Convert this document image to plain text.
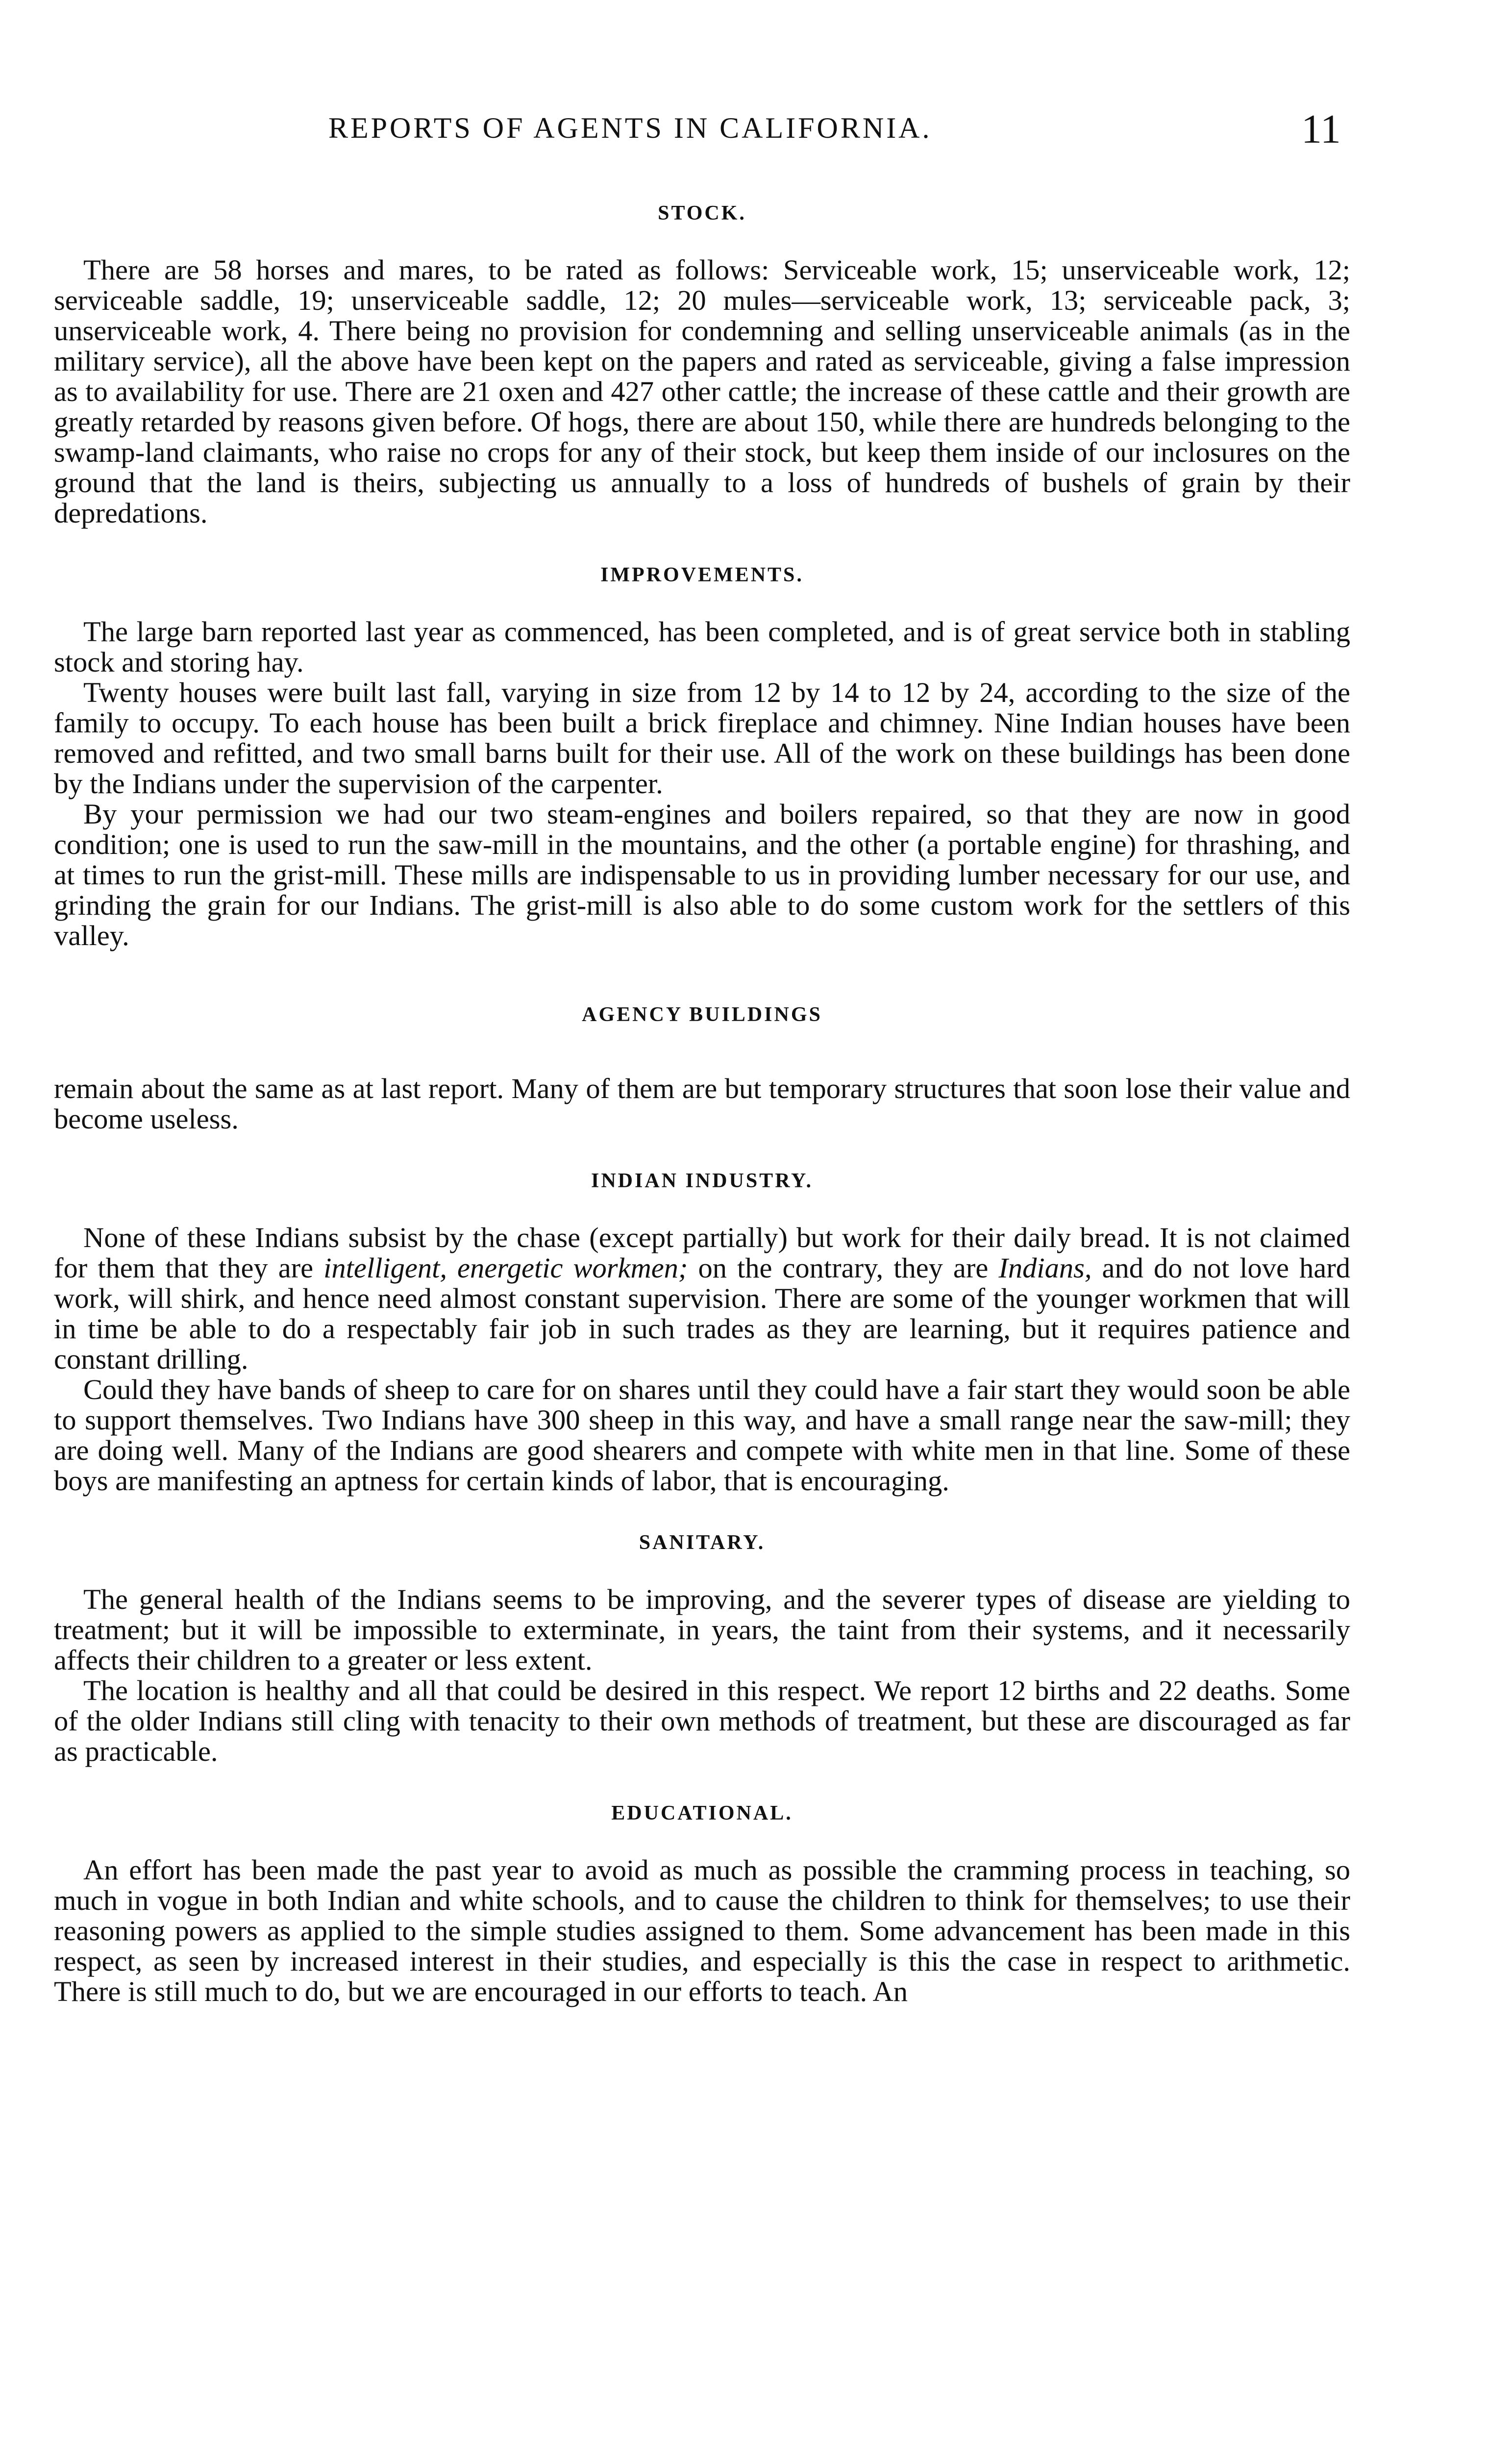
REPORTS OF AGENTS IN CALIFORNIA.	11
STOCK.

There are 58 horses and mares, to be rated as follows: Serviceable work, 15; unserviceable work, 12; serviceable saddle, 19; unserviceable saddle, 12; 20 mules—serviceable work, 13; serviceable pack, 3; unserviceable work, 4. There being no provision for condemning and selling unserviceable animals (as in the military service), all the above have been kept on the papers and rated as serviceable, giving a false impression as to availability for use. There are 21 oxen and 427 other cattle; the increase of these cattle and their growth are greatly retarded by reasons given before. Of hogs, there are about 150, while there are hundreds belonging to the swamp-land claimants, who raise no crops for any of their stock, but keep them inside of our inclosures on the ground that the land is theirs, subjecting us annually to a loss of hundreds of bushels of grain by their depredations.

IMPROVEMENTS.

The large barn reported last year as commenced, has been completed, and is of great service both in stabling stock and storing hay.

Twenty houses were built last fall, varying in size from 12 by 14 to 12 by 24, according to the size of the family to occupy. To each house has been built a brick fireplace and chimney. Nine Indian houses have been removed and refitted, and two small barns built for their use. All of the work on these buildings has been done by the Indians under the supervision of the carpenter.

By your permission we had our two steam-engines and boilers repaired, so that they are now in good condition; one is used to run the saw-mill in the mountains, and the other (a portable engine) for thrashing, and at times to run the grist-mill. These mills are indispensable to us in providing lumber necessary for our use, and grinding the grain for our Indians. The grist-mill is also able to do some custom work for the settlers of this valley.

AGENCY BUILDINGS

remain about the same as at last report. Many of them are but temporary structures that soon lose their value and become useless.

INDIAN INDUSTRY.

None of these Indians subsist by the chase (except partially) but work for their daily bread. It is not claimed for them that they are intelligent, energetic workmen; on the contrary, they are Indians, and do not love hard work, will shirk, and hence need almost constant supervision. There are some of the younger workmen that will in time be able to do a respectably fair job in such trades as they are learning, but it requires patience and constant drilling.

Could they have bands of sheep to care for on shares until they could have a fair start they would soon be able to support themselves. Two Indians have 300 sheep in this way, and have a small range near the saw-mill; they are doing well. Many of the Indians are good shearers and compete with white men in that line. Some of these boys are manifesting an aptness for certain kinds of labor, that is encouraging.

SANITARY.

The general health of the Indians seems to be improving, and the severer types of disease are yielding to treatment; but it will be impossible to exterminate, in years, the taint from their systems, and it necessarily affects their children to a greater or less extent.

The location is healthy and all that could be desired in this respect. We report 12 births and 22 deaths. Some of the older Indians still cling with tenacity to their own methods of treatment, but these are discouraged as far as practicable.

EDUCATIONAL.

An effort has been made the past year to avoid as much as possible the cramming process in teaching, so much in vogue in both Indian and white schools, and to cause the children to think for themselves; to use their reasoning powers as applied to the simple studies assigned to them. Some advancement has been made in this respect, as seen by increased interest in their studies, and especially is this the case in respect to arithmetic. There is still much to do, but we are encouraged in our efforts to teach. An
